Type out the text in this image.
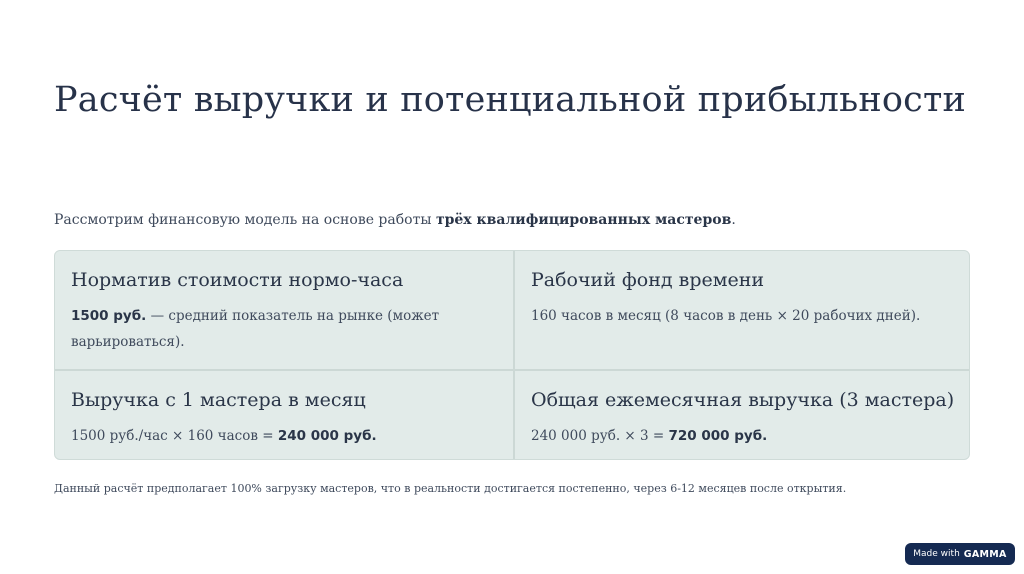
Расчёт выручки и потенциальной прибыльности

Рассмотрим финансовую модель на основе работы трёх квалифицированных мастеров.

Норматив стоимости нормо-часа

1500 руб. — средний показатель на рынке (может варьироваться).

Рабочий фонд времени

160 часов в месяц (8 часов в день × 20 рабочих дней).

Выручка с 1 мастера в месяц

1500 руб./час × 160 часов = 240 000 руб.

Общая ежемесячная выручка (3 мастера)

240 000 руб. × 3 = 720 000 руб.

Данный расчёт предполагает 100% загрузку мастеров, что в реальности достигается постепенно, через 6-12 месяцев после открытия.

Made with GAMMA
